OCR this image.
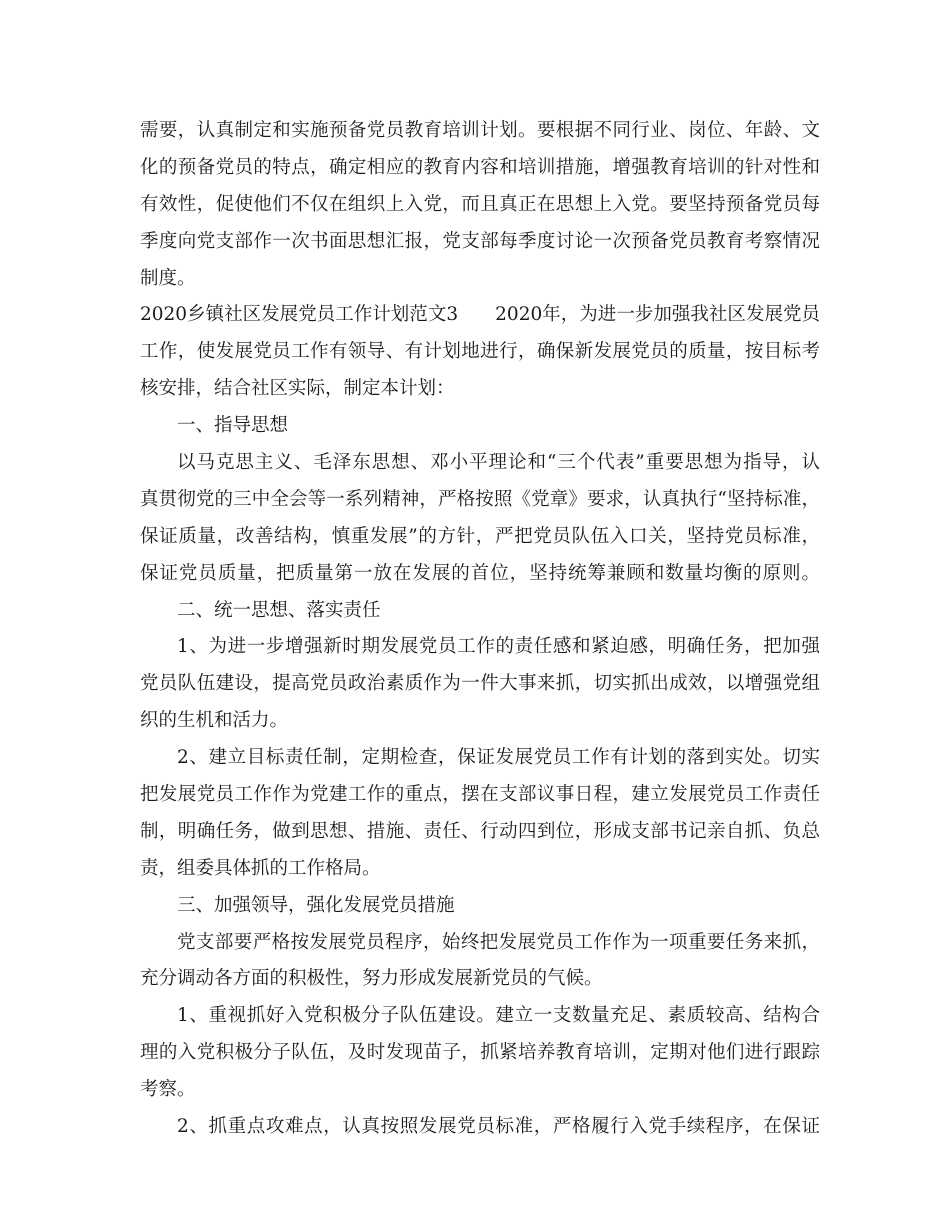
需要，认真制定和实施预备党员教育培训计划。要根据不同行业、岗位、年龄、文
化的预备党员的特点，确定相应的教育内容和培训措施，增强教育培训的针对性和
有效性，促使他们不仅在组织上入党，而且真正在思想上入党。要坚持预备党员每
季度向党支部作一次书面思想汇报，党支部每季度讨论一次预备党员教育考察情况
制度。
2020乡镇社区发展党员工作计划范文3　　2020年，为进一步加强我社区发展党员
工作，使发展党员工作有领导、有计划地进行，确保新发展党员的质量，按目标考
核安排，结合社区实际，制定本计划：
一、指导思想
以马克思主义、毛泽东思想、邓小平理论和“三个代表”重要思想为指导，认
真贯彻党的三中全会等一系列精神，严格按照《党章》要求，认真执行“坚持标准，
保证质量，改善结构，慎重发展”的方针，严把党员队伍入口关，坚持党员标准，
保证党员质量，把质量第一放在发展的首位，坚持统筹兼顾和数量均衡的原则。
二、统一思想、落实责任
1、为进一步增强新时期发展党员工作的责任感和紧迫感，明确任务，把加强
党员队伍建设，提高党员政治素质作为一件大事来抓，切实抓出成效，以增强党组
织的生机和活力。
2、建立目标责任制，定期检查，保证发展党员工作有计划的落到实处。切实
把发展党员工作作为党建工作的重点，摆在支部议事日程，建立发展党员工作责任
制，明确任务，做到思想、措施、责任、行动四到位，形成支部书记亲自抓、负总
责，组委具体抓的工作格局。
三、加强领导，强化发展党员措施
党支部要严格按发展党员程序，始终把发展党员工作作为一项重要任务来抓，
充分调动各方面的积极性，努力形成发展新党员的气候。
1、重视抓好入党积极分子队伍建设。建立一支数量充足、素质较高、结构合
理的入党积极分子队伍，及时发现苗子，抓紧培养教育培训，定期对他们进行跟踪
考察。
2、抓重点攻难点，认真按照发展党员标准，严格履行入党手续程序，在保证
